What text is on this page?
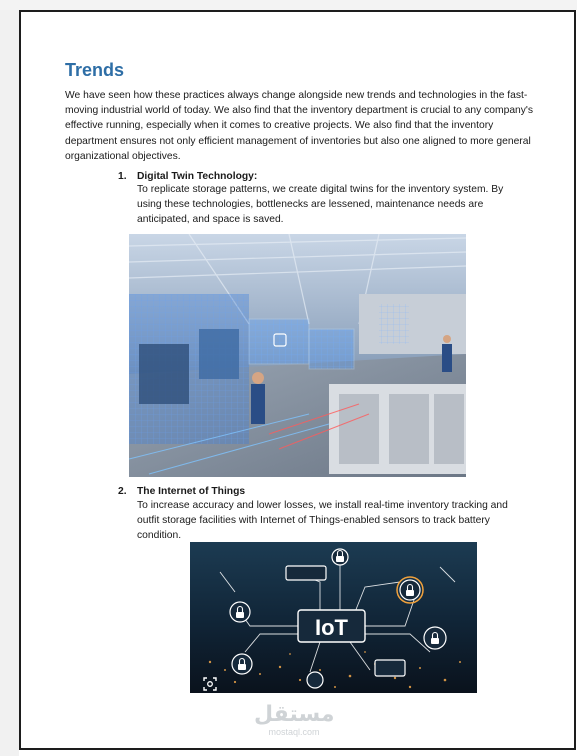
Trends

We have seen how these practices always change alongside new trends and technologies in the fast-moving industrial world of today. We also find that the inventory department is crucial to any company's effective running, especially when it comes to creative projects. We also find that the inventory department ensures not only efficient management of inventories but also one aligned to more general organizational objectives.

1. Digital Twin Technology:

To replicate storage patterns, we create digital twins for the inventory system. By using these technologies, bottlenecks are lessened, maintenance needs are anticipated, and space is saved.

2. The Internet of Things

To increase accuracy and lower losses, we install real-time inventory tracking and outfit storage facilities with Internet of Things-enabled sensors to track battery condition.

IoT
مستقل
mostaql.com
